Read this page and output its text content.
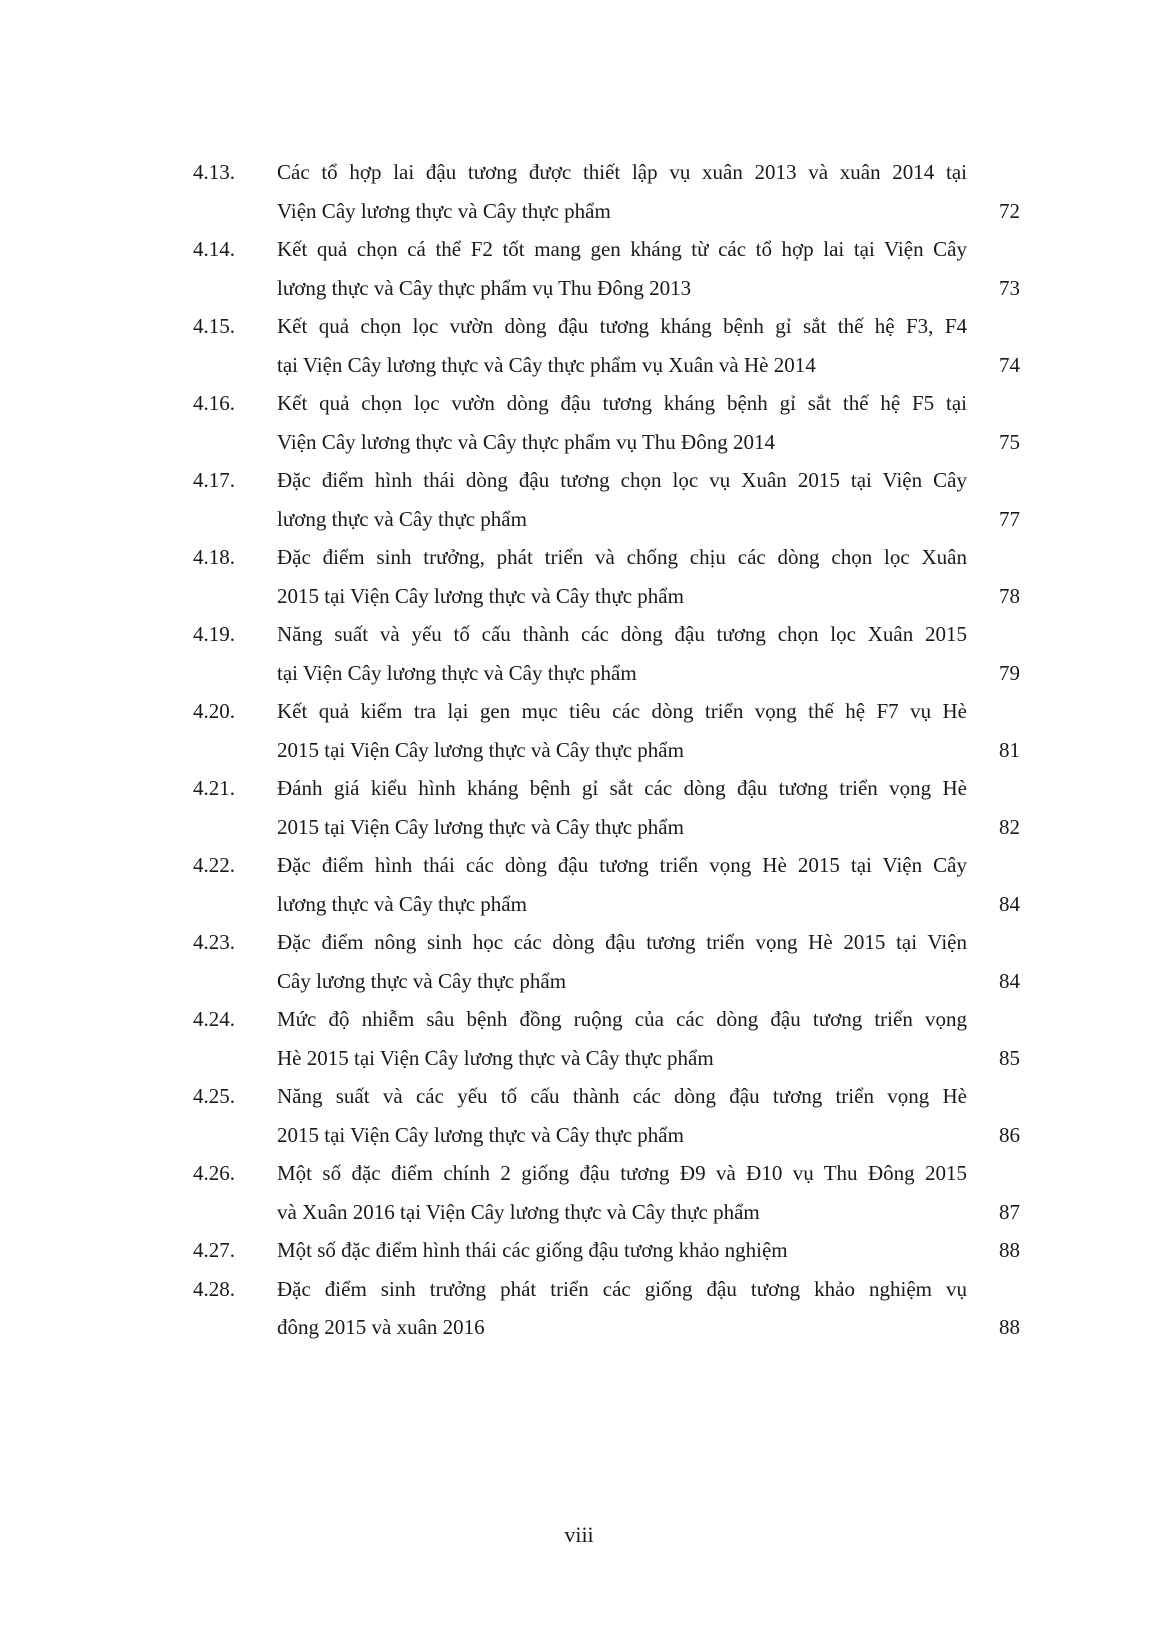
4.13. Các tổ hợp lai đậu tương được thiết lập vụ xuân 2013 và xuân 2014 tại
Viện Cây lương thực và Cây thực phẩm	72
4.14. Kết quả chọn cá thể F2 tốt mang gen kháng từ các tổ hợp lai tại Viện Cây
lương thực và Cây thực phẩm vụ Thu Đông 2013	73
4.15. Kết quả chọn lọc vườn dòng đậu tương kháng bệnh gỉ sắt thế hệ F3, F4
tại Viện Cây lương thực và Cây thực phẩm vụ Xuân và Hè 2014	74
4.16. Kết quả chọn lọc vườn dòng đậu tương kháng bệnh gỉ sắt thế hệ F5 tại
Viện Cây lương thực và Cây thực phẩm vụ Thu Đông 2014	75
4.17. Đặc điểm hình thái dòng đậu tương chọn lọc vụ Xuân 2015 tại Viện Cây
lương thực và Cây thực phẩm	77
4.18. Đặc điểm sinh trưởng, phát triển và chống chịu các dòng chọn lọc Xuân
2015 tại Viện Cây lương thực và Cây thực phẩm	78
4.19. Năng suất và yếu tố cấu thành các dòng đậu tương chọn lọc Xuân 2015
tại Viện Cây lương thực và Cây thực phẩm	79
4.20. Kết quả kiểm tra lại gen mục tiêu các dòng triển vọng thế hệ F7 vụ Hè
2015 tại Viện Cây lương thực và Cây thực phẩm	81
4.21. Đánh giá kiểu hình kháng bệnh gỉ sắt các dòng đậu tương triển vọng Hè
2015 tại Viện Cây lương thực và Cây thực phẩm	82
4.22. Đặc điểm hình thái các dòng đậu tương triển vọng Hè 2015 tại Viện Cây
lương thực và Cây thực phẩm	84
4.23. Đặc điểm nông sinh học các dòng đậu tương triển vọng Hè 2015 tại Viện
Cây lương thực và Cây thực phẩm	84
4.24. Mức độ nhiễm sâu bệnh đồng ruộng của các dòng đậu tương triển vọng
Hè 2015 tại Viện Cây lương thực và Cây thực phẩm	85
4.25. Năng suất và các yếu tố cấu thành các dòng đậu tương triển vọng Hè
2015 tại Viện Cây lương thực và Cây thực phẩm	86
4.26. Một số đặc điểm chính 2 giống đậu tương Đ9 và Đ10 vụ Thu Đông 2015
và Xuân 2016 tại Viện Cây lương thực và Cây thực phẩm	87
4.27. Một số đặc điểm hình thái các giống đậu tương khảo nghiệm	88
4.28. Đặc điểm sinh trưởng phát triển các giống đậu tương khảo nghiệm vụ
đông 2015 và xuân 2016	88
viii
